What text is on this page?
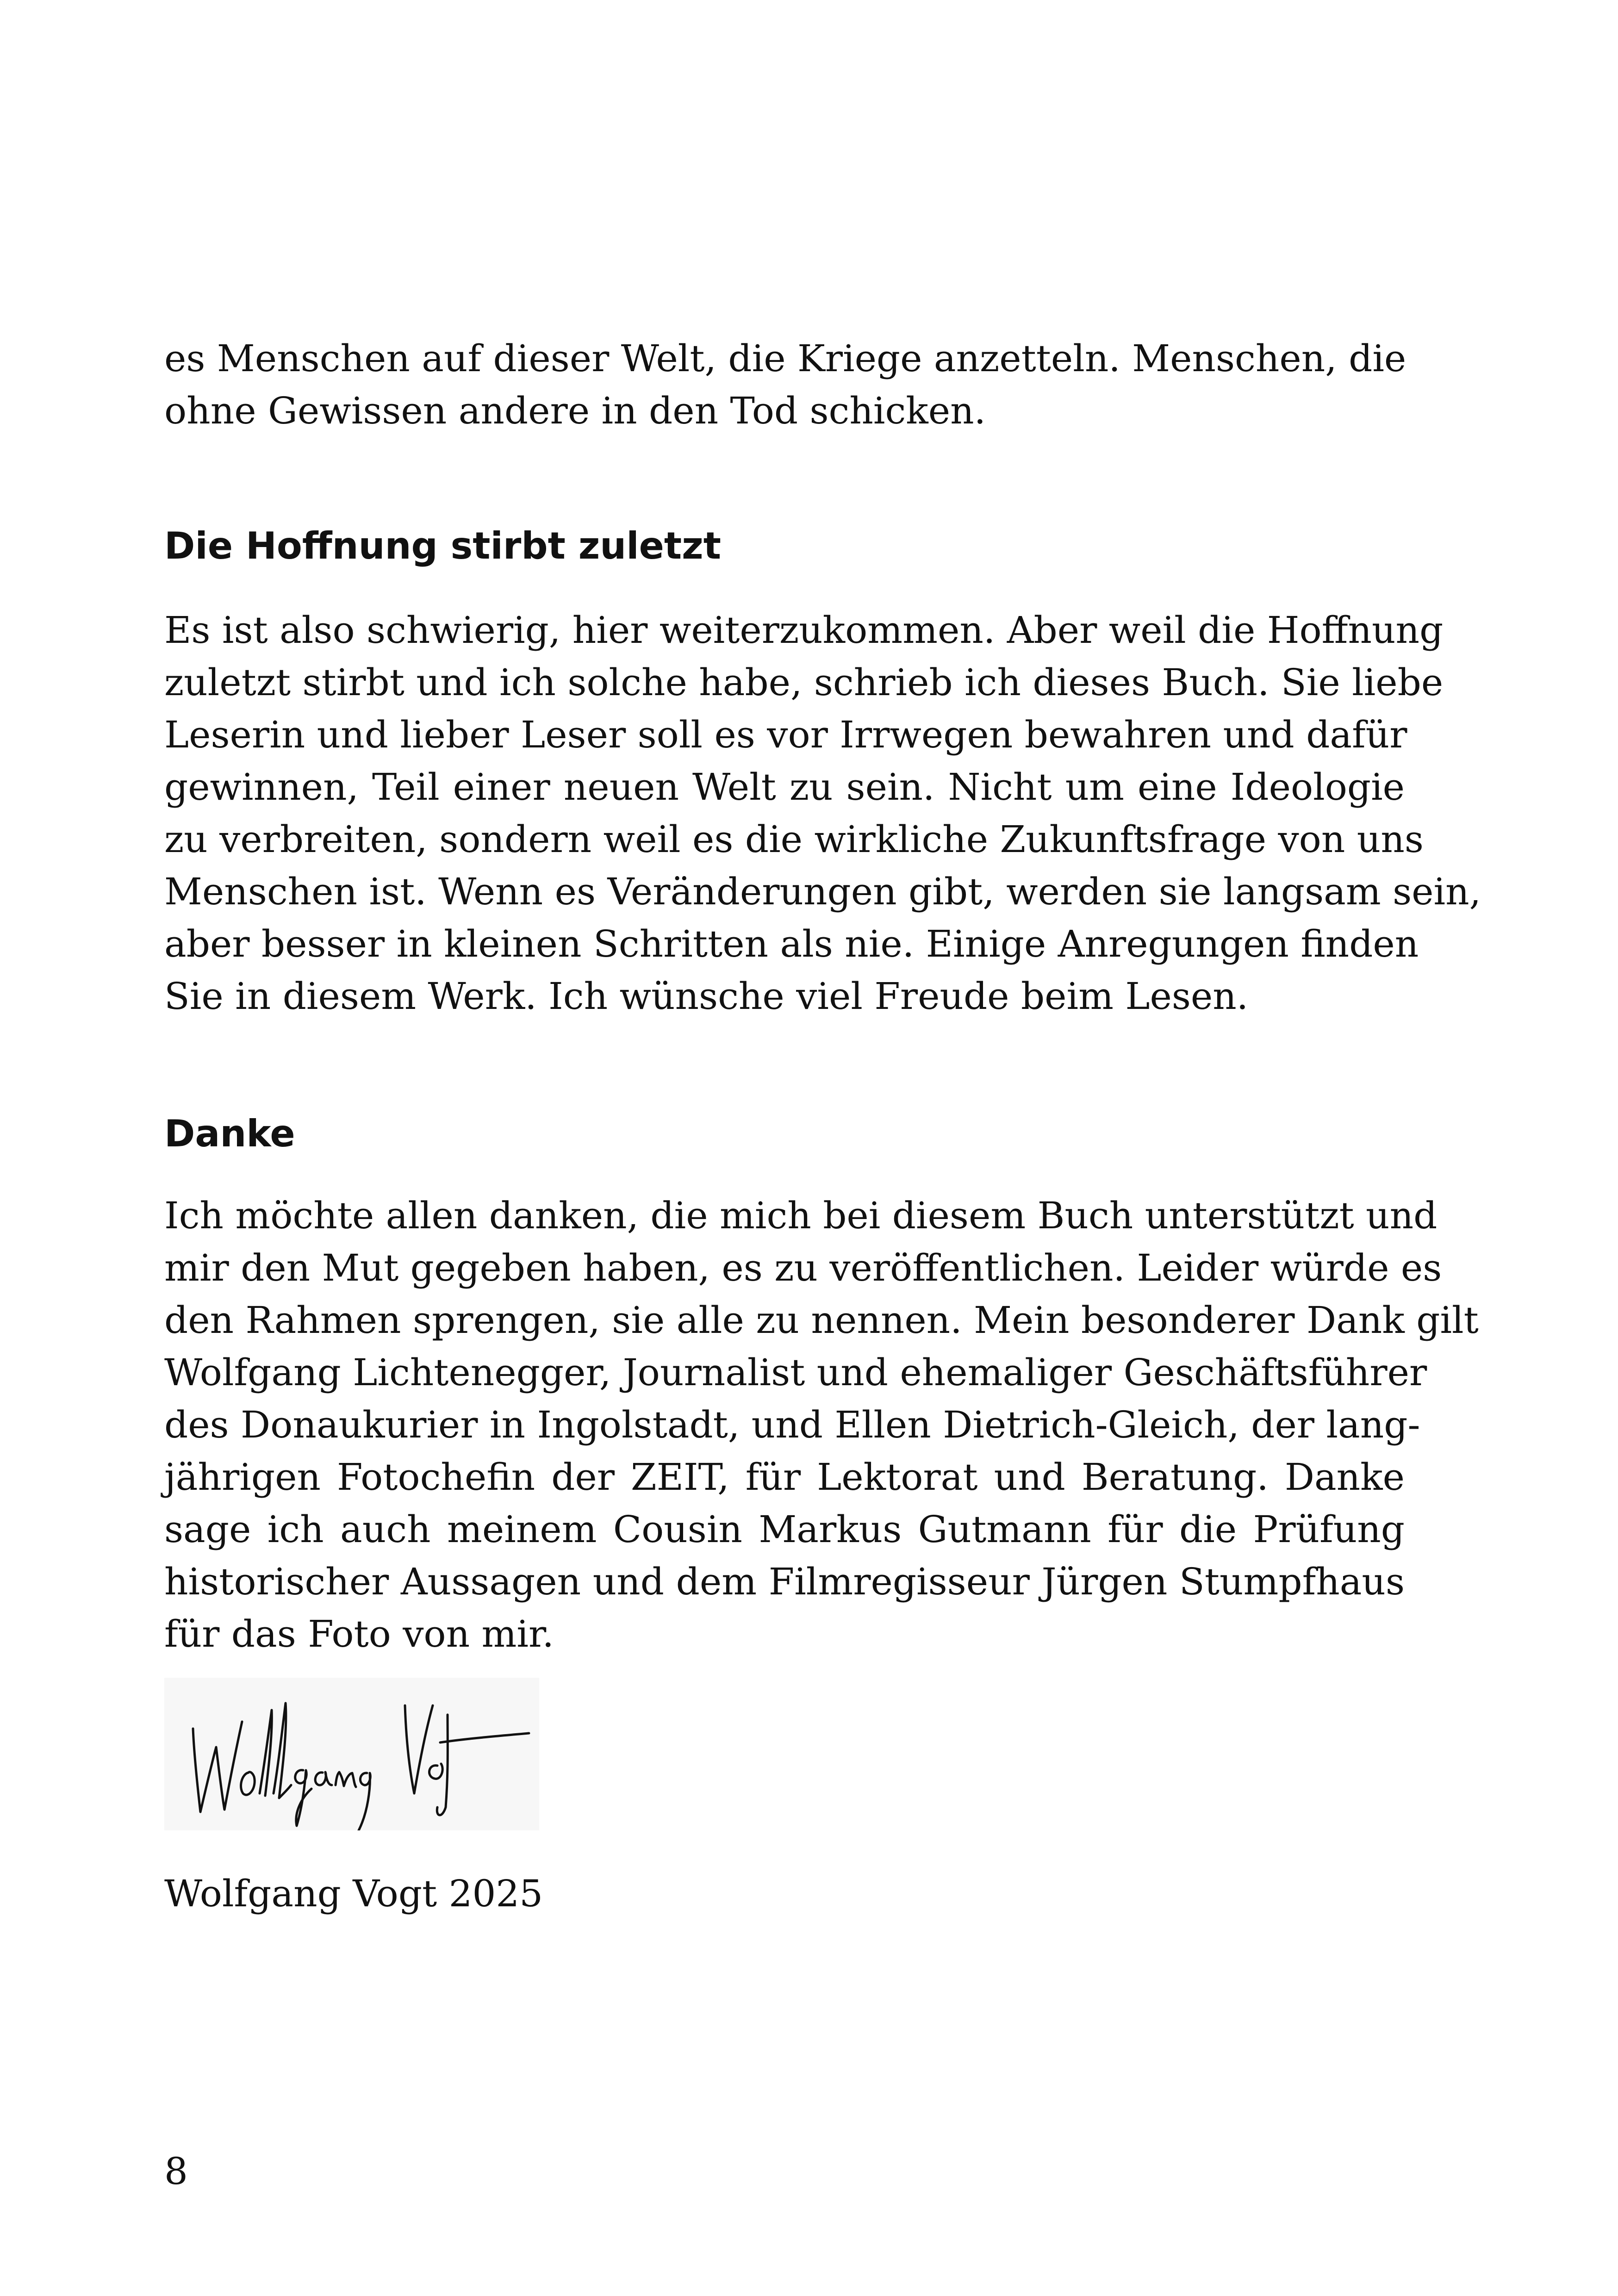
es Menschen auf dieser Welt, die Kriege anzetteln. Menschen, die
ohne Gewissen andere in den Tod schicken.
Die Hoffnung stirbt zuletzt
Es ist also schwierig, hier weiterzukommen. Aber weil die Hoffnung
zuletzt stirbt und ich solche habe, schrieb ich dieses Buch. Sie liebe
Leserin und lieber Leser soll es vor Irrwegen bewahren und dafür
gewinnen, Teil einer neuen Welt zu sein. Nicht um eine Ideologie
zu verbreiten, sondern weil es die wirkliche Zukunftsfrage von uns
Menschen ist. Wenn es Veränderungen gibt, werden sie langsam sein,
aber besser in kleinen Schritten als nie. Einige Anregungen finden
Sie in diesem Werk. Ich wünsche viel Freude beim Lesen.
Danke
Ich möchte allen danken, die mich bei diesem Buch unterstützt und
mir den Mut gegeben haben, es zu veröffentlichen. Leider würde es
den Rahmen sprengen, sie alle zu nennen. Mein besonderer Dank gilt
Wolfgang Lichtenegger, Journalist und ehemaliger Geschäftsführer
des Donaukurier in Ingolstadt, und Ellen Dietrich-Gleich, der lang-
jährigen Fotochefin der ZEIT, für Lektorat und Beratung. Danke
sage ich auch meinem Cousin Markus Gutmann für die Prüfung
historischer Aussagen und dem Filmregisseur Jürgen Stumpfhaus
für das Foto von mir.

Wolfgang Vogt 2025

8
